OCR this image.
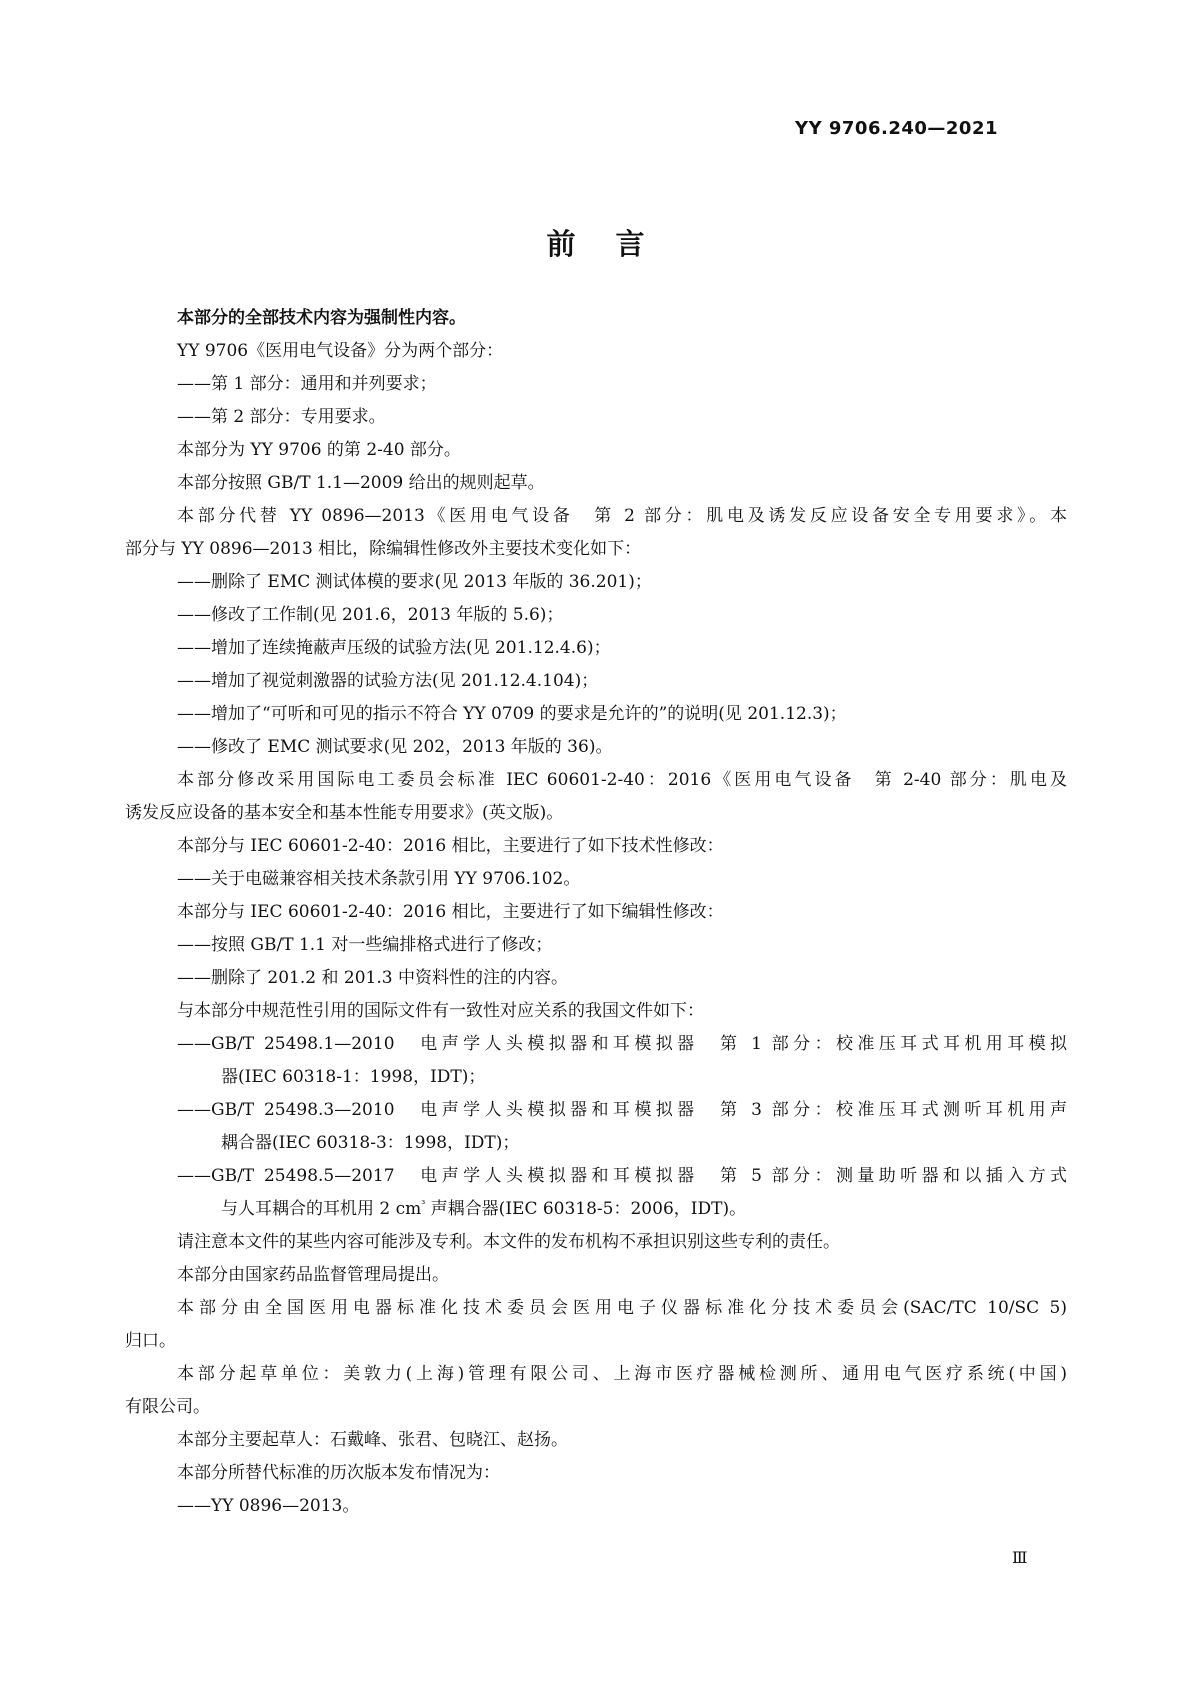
YY 9706.240—2021
前言
本部分的全部技术内容为强制性内容。
YY 9706《医用电气设备》分为两个部分：
——第 1 部分：通用和并列要求；
——第 2 部分：专用要求。
本部分为 YY 9706 的第 2-40 部分。
本部分按照 GB/T 1.1—2009 给出的规则起草。
本部分代替 YY 0896—2013《医用电气设备　第 2 部分：肌电及诱发反应设备安全专用要求》。本
部分与 YY 0896—2013 相比，除编辑性修改外主要技术变化如下：
——删除了 EMC 测试体模的要求(见 2013 年版的 36.201)；
——修改了工作制(见 201.6，2013 年版的 5.6)；
——增加了连续掩蔽声压级的试验方法(见 201.12.4.6)；
——增加了视觉刺激器的试验方法(见 201.12.4.104)；
——增加了“可听和可见的指示不符合 YY 0709 的要求是允许的”的说明(见 201.12.3)；
——修改了 EMC 测试要求(见 202，2013 年版的 36)。
本部分修改采用国际电工委员会标准 IEC 60601-2-40：2016《医用电气设备　第 2-40 部分：肌电及
诱发反应设备的基本安全和基本性能专用要求》(英文版)。
本部分与 IEC 60601-2-40：2016 相比，主要进行了如下技术性修改：
——关于电磁兼容相关技术条款引用 YY 9706.102。
本部分与 IEC 60601-2-40：2016 相比，主要进行了如下编辑性修改：
——按照 GB/T 1.1 对一些编排格式进行了修改；
——删除了 201.2 和 201.3 中资料性的注的内容。
与本部分中规范性引用的国际文件有一致性对应关系的我国文件如下：
——GB/T 25498.1—2010　电声学人头模拟器和耳模拟器　第 1 部分：校准压耳式耳机用耳模拟
器(IEC 60318-1：1998，IDT)；
——GB/T 25498.3—2010　电声学人头模拟器和耳模拟器　第 3 部分：校准压耳式测听耳机用声
耦合器(IEC 60318-3：1998，IDT)；
——GB/T 25498.5—2017　电声学人头模拟器和耳模拟器　第 5 部分：测量助听器和以插入方式
与人耳耦合的耳机用 2 $cm^{^3}$ 声耦合器(IEC 60318-5：2006，IDT)。
请注意本文件的某些内容可能涉及专利。本文件的发布机构不承担识别这些专利的责任。
本部分由国家药品监督管理局提出。
本部分由全国医用电器标准化技术委员会医用电子仪器标准化分技术委员会(SAC/TC 10/SC 5)
归口。
本部分起草单位：美敦力(上海)管理有限公司、上海市医疗器械检测所、通用电气医疗系统(中国)
有限公司。
本部分主要起草人：石戴峰、张君、包晓江、赵扬。
本部分所替代标准的历次版本发布情况为：
——YY 0896—2013。
Ⅲ
